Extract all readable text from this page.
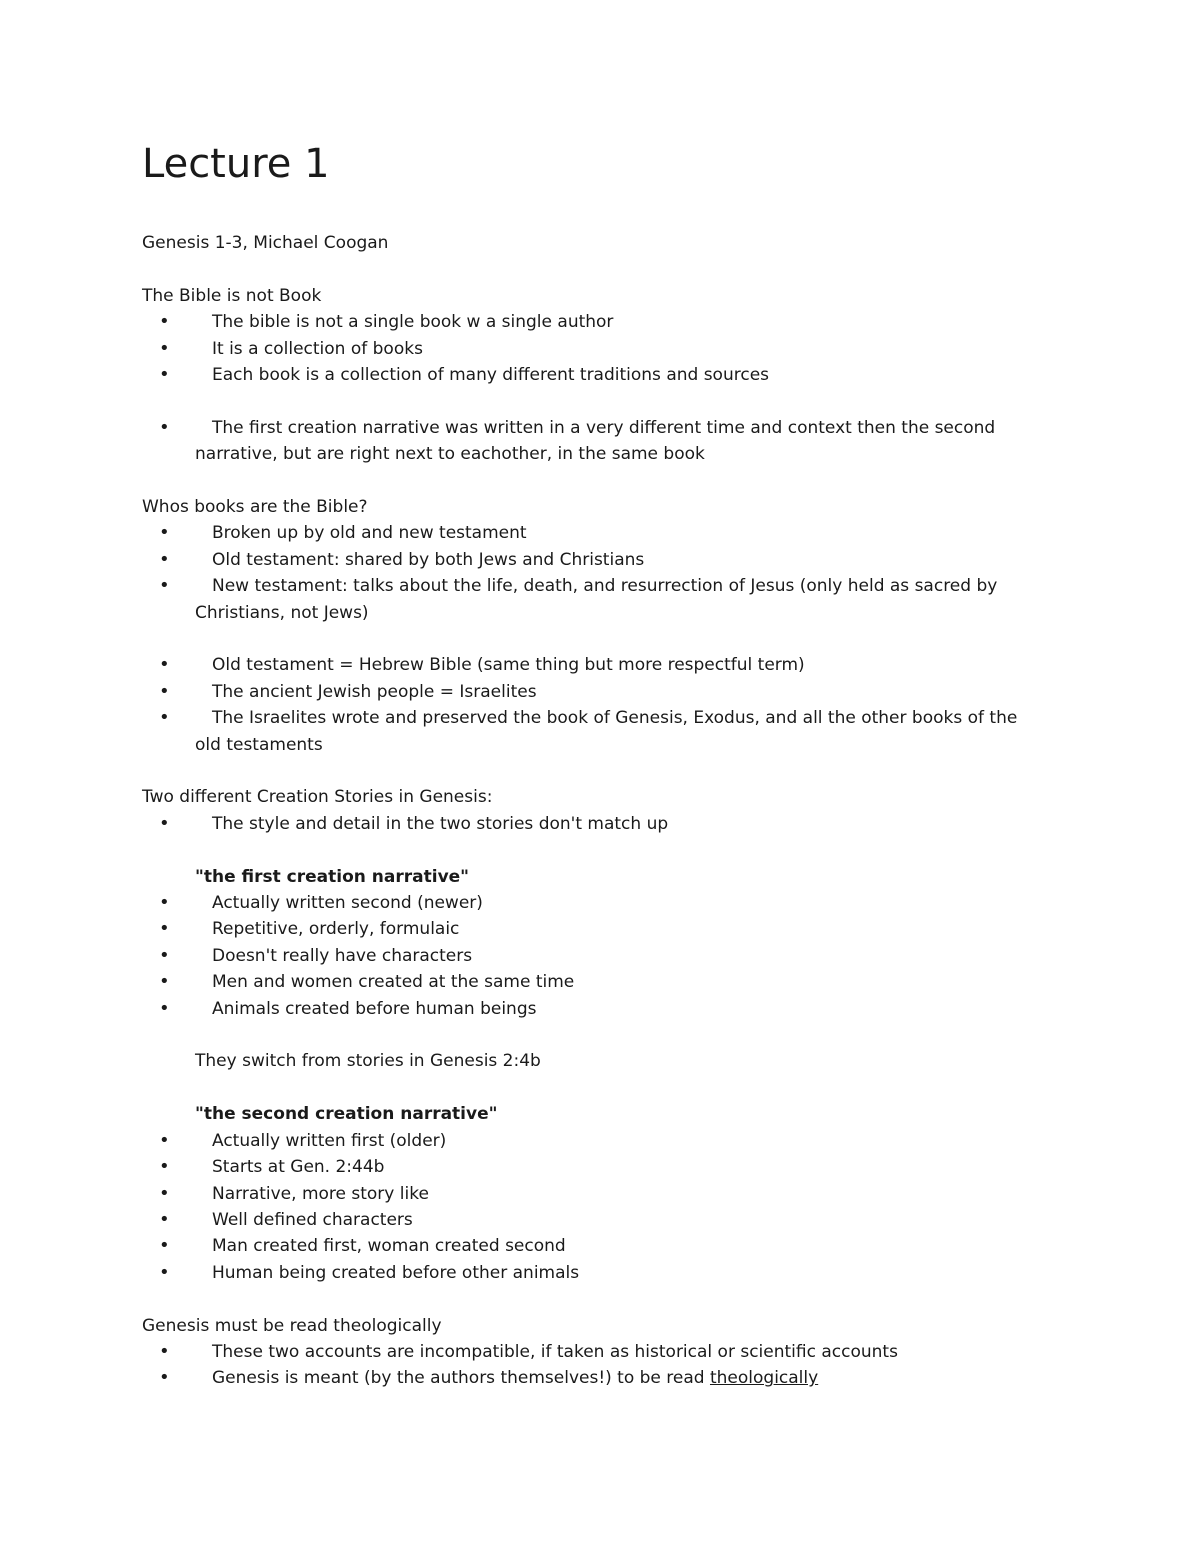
Lecture 1

Genesis 1-3, Michael Coogan

The Bible is not Book

• The bible is not a single book w a single author
• It is a collection of books
• Each book is a collection of many different traditions and sources
• The first creation narrative was written in a very different time and context then the second
narrative, but are right next to eachother, in the same book

Whos books are the Bible?

• Broken up by old and new testament
• Old testament: shared by both Jews and Christians
• New testament: talks about the life, death, and resurrection of Jesus (only held as sacred by
Christians, not Jews)
• Old testament = Hebrew Bible (same thing but more respectful term)
• The ancient Jewish people = Israelites
• The Israelites wrote and preserved the book of Genesis, Exodus, and all the other books of the
old testaments

Two different Creation Stories in Genesis:

• The style and detail in the two stories don't match up

"the first creation narrative"

• Actually written second (newer)
• Repetitive, orderly, formulaic
• Doesn't really have characters
• Men and women created at the same time
• Animals created before human beings

They switch from stories in Genesis 2:4b

"the second creation narrative"

• Actually written first (older)
• Starts at Gen. 2:44b
• Narrative, more story like
• Well defined characters
• Man created first, woman created second
• Human being created before other animals

Genesis must be read theologically

• These two accounts are incompatible, if taken as historical or scientific accounts
• Genesis is meant (by the authors themselves!) to be read theologically
